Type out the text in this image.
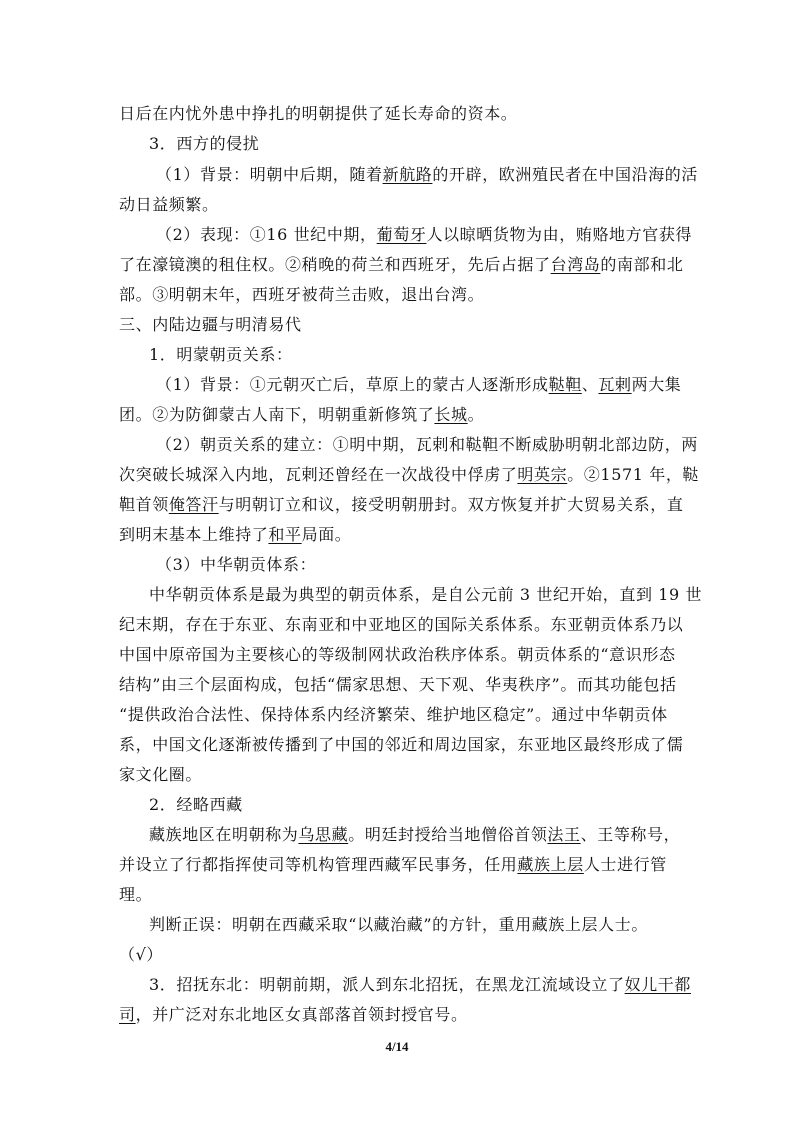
日后在内忧外患中挣扎的明朝提供了延长寿命的资本。
3．西方的侵扰
（1）背景：明朝中后期，随着新航路的开辟，欧洲殖民者在中国沿海的活
动日益频繁。
（2）表现：①16 世纪中期，葡萄牙人以晾晒货物为由，贿赂地方官获得
了在濠镜澳的租住权。②稍晚的荷兰和西班牙，先后占据了台湾岛的南部和北
部。③明朝末年，西班牙被荷兰击败，退出台湾。
三、内陆边疆与明清易代
1．明蒙朝贡关系：
（1）背景：①元朝灭亡后，草原上的蒙古人逐渐形成鞑靼、瓦剌两大集
团。②为防御蒙古人南下，明朝重新修筑了长城。
（2）朝贡关系的建立：①明中期，瓦剌和鞑靼不断威胁明朝北部边防，两
次突破长城深入内地，瓦剌还曾经在一次战役中俘虏了明英宗。②1571 年，鞑
靼首领俺答汗与明朝订立和议，接受明朝册封。双方恢复并扩大贸易关系，直
到明末基本上维持了和平局面。
（3）中华朝贡体系：
中华朝贡体系是最为典型的朝贡体系，是自公元前 3 世纪开始，直到 19 世
纪末期，存在于东亚、东南亚和中亚地区的国际关系体系。东亚朝贡体系乃以
中国中原帝国为主要核心的等级制网状政治秩序体系。朝贡体系的“意识形态
结构”由三个层面构成，包括“儒家思想、天下观、华夷秩序”。而其功能包括
“提供政治合法性、保持体系内经济繁荣、维护地区稳定”。通过中华朝贡体
系，中国文化逐渐被传播到了中国的邻近和周边国家，东亚地区最终形成了儒
家文化圈。
2．经略西藏
藏族地区在明朝称为乌思藏。明廷封授给当地僧俗首领法王、王等称号，
并设立了行都指挥使司等机构管理西藏军民事务，任用藏族上层人士进行管
理。
判断正误：明朝在西藏采取“以藏治藏”的方针，重用藏族上层人士。
（√）
3．招抚东北：明朝前期，派人到东北招抚，在黑龙江流域设立了奴儿干都
司，并广泛对东北地区女真部落首领封授官号。
4/14
